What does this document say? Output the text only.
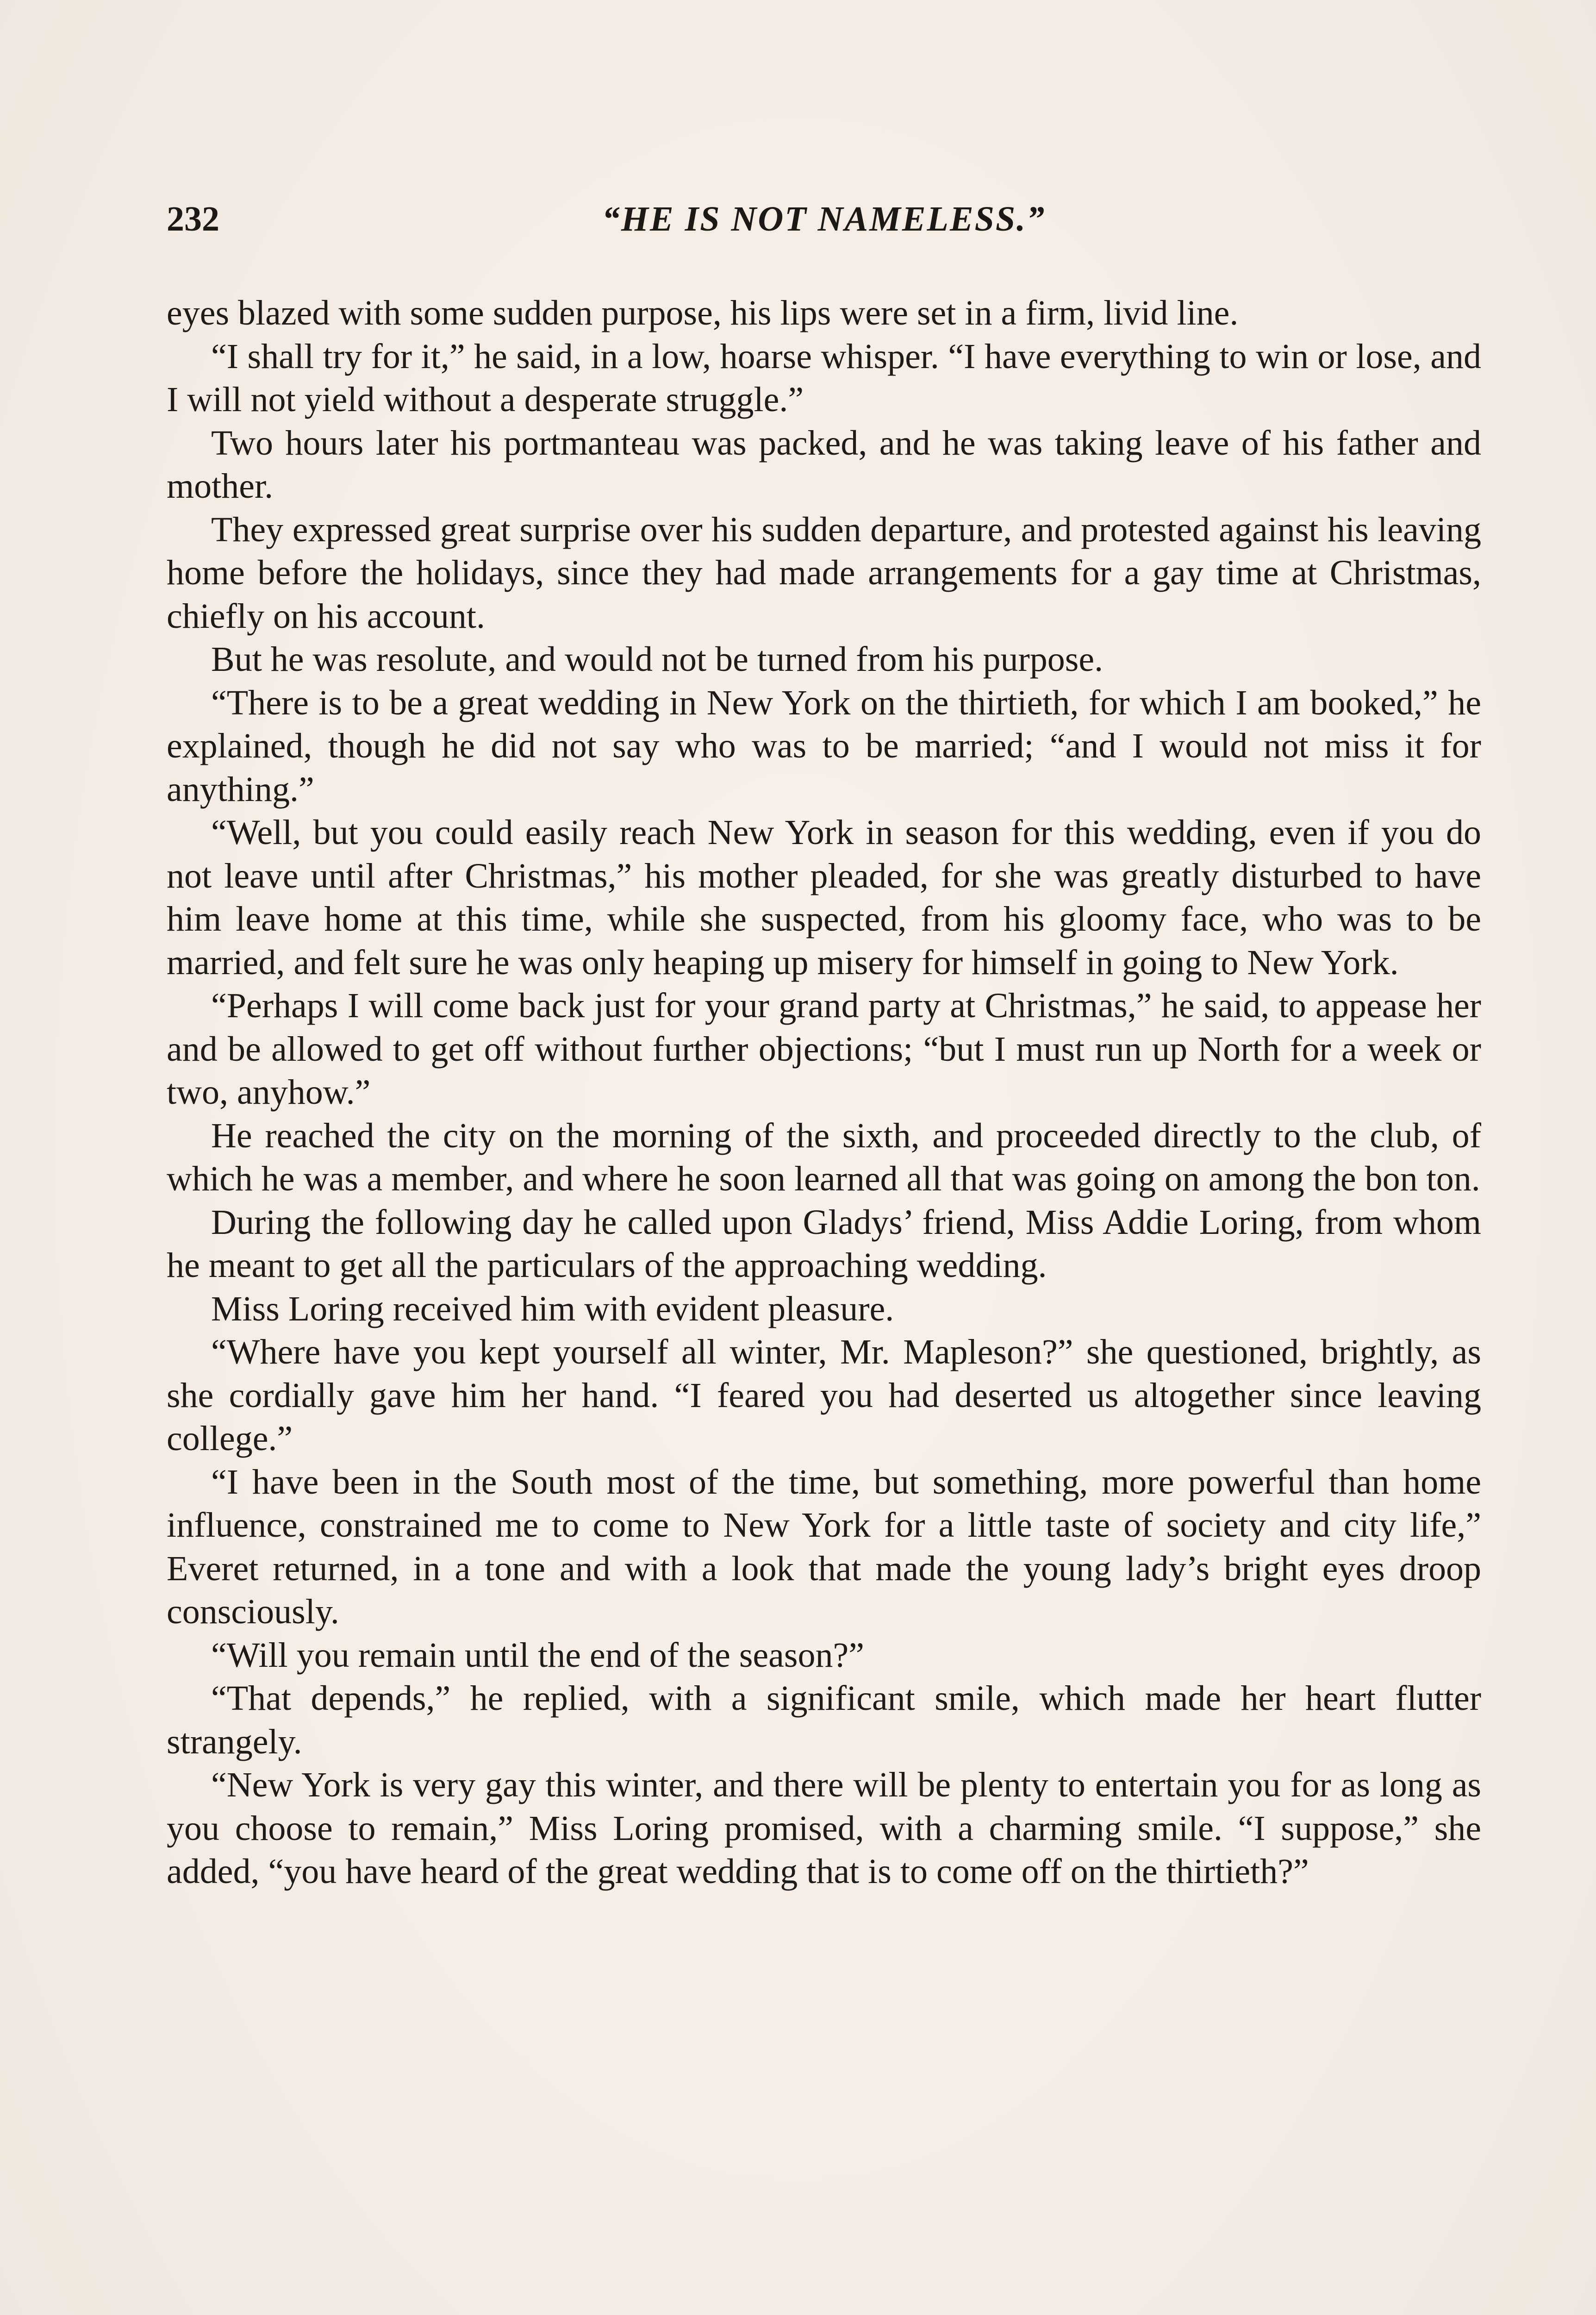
232	“HE IS NOT NAMELESS.”

eyes blazed with some sudden purpose, his lips were set in a firm, livid line.

“I shall try for it,” he said, in a low, hoarse whisper. “I have everything to win or lose, and I will not yield without a desperate struggle.”

Two hours later his portmanteau was packed, and he was taking leave of his father and mother.

They expressed great surprise over his sudden departure, and protested against his leaving home before the holidays, since they had made arrangements for a gay time at Christmas, chiefly on his account.

But he was resolute, and would not be turned from his purpose.

“There is to be a great wedding in New York on the thirtieth, for which I am booked,” he explained, though he did not say who was to be married; “and I would not miss it for anything.”

“Well, but you could easily reach New York in season for this wedding, even if you do not leave until after Christmas,” his mother pleaded, for she was greatly disturbed to have him leave home at this time, while she suspected, from his gloomy face, who was to be married, and felt sure he was only heaping up misery for himself in going to New York.

“Perhaps I will come back just for your grand party at Christmas,” he said, to appease her and be allowed to get off without further objections; “but I must run up North for a week or two, anyhow.”

He reached the city on the morning of the sixth, and proceeded directly to the club, of which he was a member, and where he soon learned all that was going on among the bon ton.

During the following day he called upon Gladys’ friend, Miss Addie Loring, from whom he meant to get all the particulars of the approaching wedding.

Miss Loring received him with evident pleasure.

“Where have you kept yourself all winter, Mr. Mapleson?” she questioned, brightly, as she cordially gave him her hand. “I feared you had deserted us altogether since leaving college.”

“I have been in the South most of the time, but something, more powerful than home influence, constrained me to come to New York for a little taste of society and city life,” Everet returned, in a tone and with a look that made the young lady’s bright eyes droop consciously.

“Will you remain until the end of the season?”

“That depends,” he replied, with a significant smile, which made her heart flutter strangely.

“New York is very gay this winter, and there will be plenty to entertain you for as long as you choose to remain,” Miss Loring promised, with a charming smile. “I suppose,” she added, “you have heard of the great wedding that is to come off on the thirtieth?”
